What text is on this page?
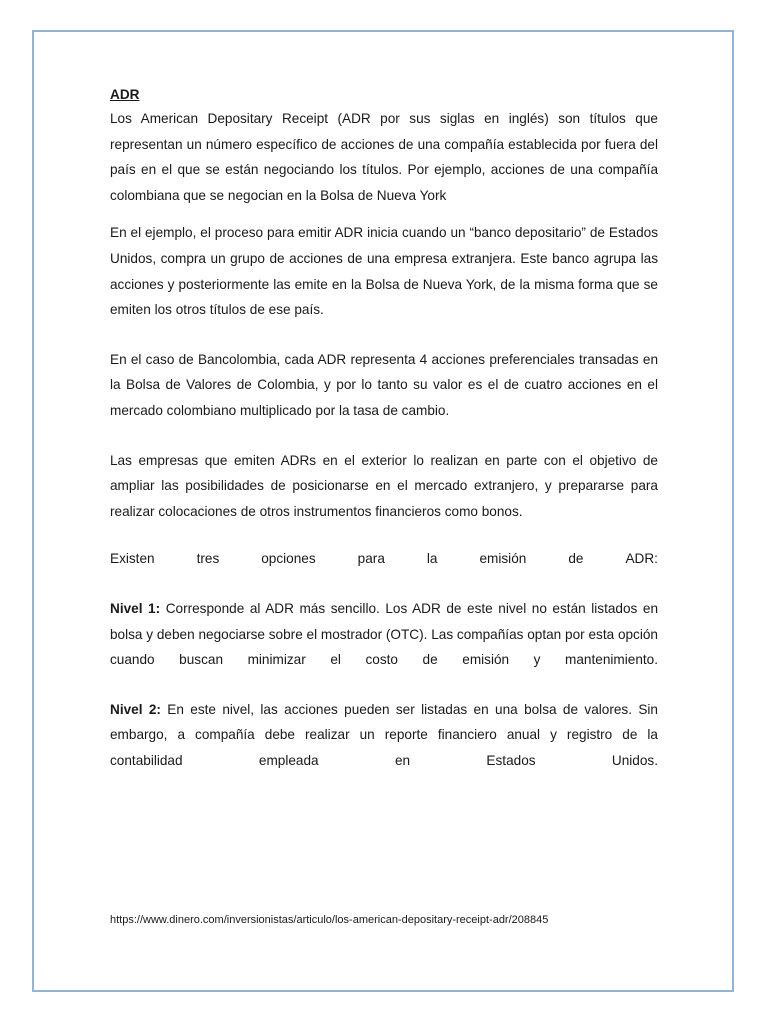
ADR

Los American Depositary Receipt (ADR por sus siglas en inglés) son títulos que representan un número específico de acciones de una compañía establecida por fuera del país en el que se están negociando los títulos. Por ejemplo, acciones de una compañía colombiana que se negocian en la Bolsa de Nueva York

En el ejemplo, el proceso para emitir ADR inicia cuando un “banco depositario” de Estados Unidos, compra un grupo de acciones de una empresa extranjera. Este banco agrupa las acciones y posteriormente las emite en la Bolsa de Nueva York, de la misma forma que se emiten los otros títulos de ese país.

En el caso de Bancolombia, cada ADR representa 4 acciones preferenciales transadas en la Bolsa de Valores de Colombia, y por lo tanto su valor es el de cuatro acciones en el mercado colombiano multiplicado por la tasa de cambio.

Las empresas que emiten ADRs en el exterior lo realizan en parte con el objetivo de ampliar las posibilidades de posicionarse en el mercado extranjero, y prepararse para realizar colocaciones de otros instrumentos financieros como bonos.

Existen	tres	opciones	para	la	emisión	de	ADR:

Nivel 1: Corresponde al ADR más sencillo. Los ADR de este nivel no están listados en bolsa y deben negociarse sobre el mostrador (OTC). Las compañías optan por esta opción cuando buscan minimizar el costo de emisión y mantenimiento.

Nivel 2: En este nivel, las acciones pueden ser listadas en una bolsa de valores. Sin embargo, a compañía debe realizar un reporte financiero anual y registro de la contabilidad empleada en Estados Unidos.

https://www.dinero.com/inversionistas/articulo/los-american-depositary-receipt-adr/208845
